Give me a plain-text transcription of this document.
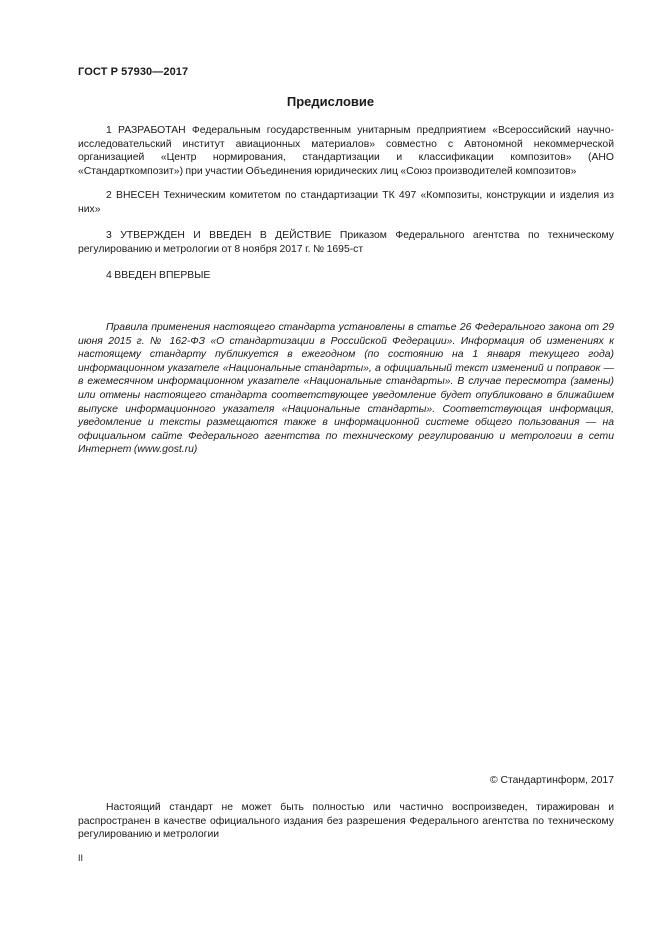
ГОСТ Р 57930—2017
Предисловие

1 РАЗРАБОТАН Федеральным государственным унитарным предприятием «Всероссийский научно-исследовательский институт авиационных материалов» совместно с Автономной некоммерческой организацией «Центр нормирования, стандартизации и классификации композитов» (АНО «Стандарткомпозит») при участии Объединения юридических лиц «Союз производителей композитов»

2 ВНЕСЕН Техническим комитетом по стандартизации ТК 497 «Композиты, конструкции и изделия из них»

3 УТВЕРЖДЕН И ВВЕДЕН В ДЕЙСТВИЕ Приказом Федерального агентства по техническому регулированию и метрологии от 8 ноября 2017 г. № 1695-ст

4 ВВЕДЕН ВПЕРВЫЕ

Правила применения настоящего стандарта установлены в статье 26 Федерального закона от 29 июня 2015 г. № 162-ФЗ «О стандартизации в Российской Федерации». Информация об изменениях к настоящему стандарту публикуется в ежегодном (по состоянию на 1 января текущего года) информационном указателе «Национальные стандарты», а официальный текст изменений и поправок — в ежемесячном информационном указателе «Национальные стандарты». В случае пересмотра (замены) или отмены настоящего стандарта соответствующее уведомление будет опубликовано в ближайшем выпуске информационного указателя «Национальные стандарты». Соответствующая информация, уведомление и тексты размещаются также в информационной системе общего пользования — на официальном сайте Федерального агентства по техническому регулированию и метрологии в сети Интернет (www.gost.ru)

© Стандартинформ, 2017

Настоящий стандарт не может быть полностью или частично воспроизведен, тиражирован и распространен в качестве официального издания без разрешения Федерального агентства по техническому регулированию и метрологии

II
